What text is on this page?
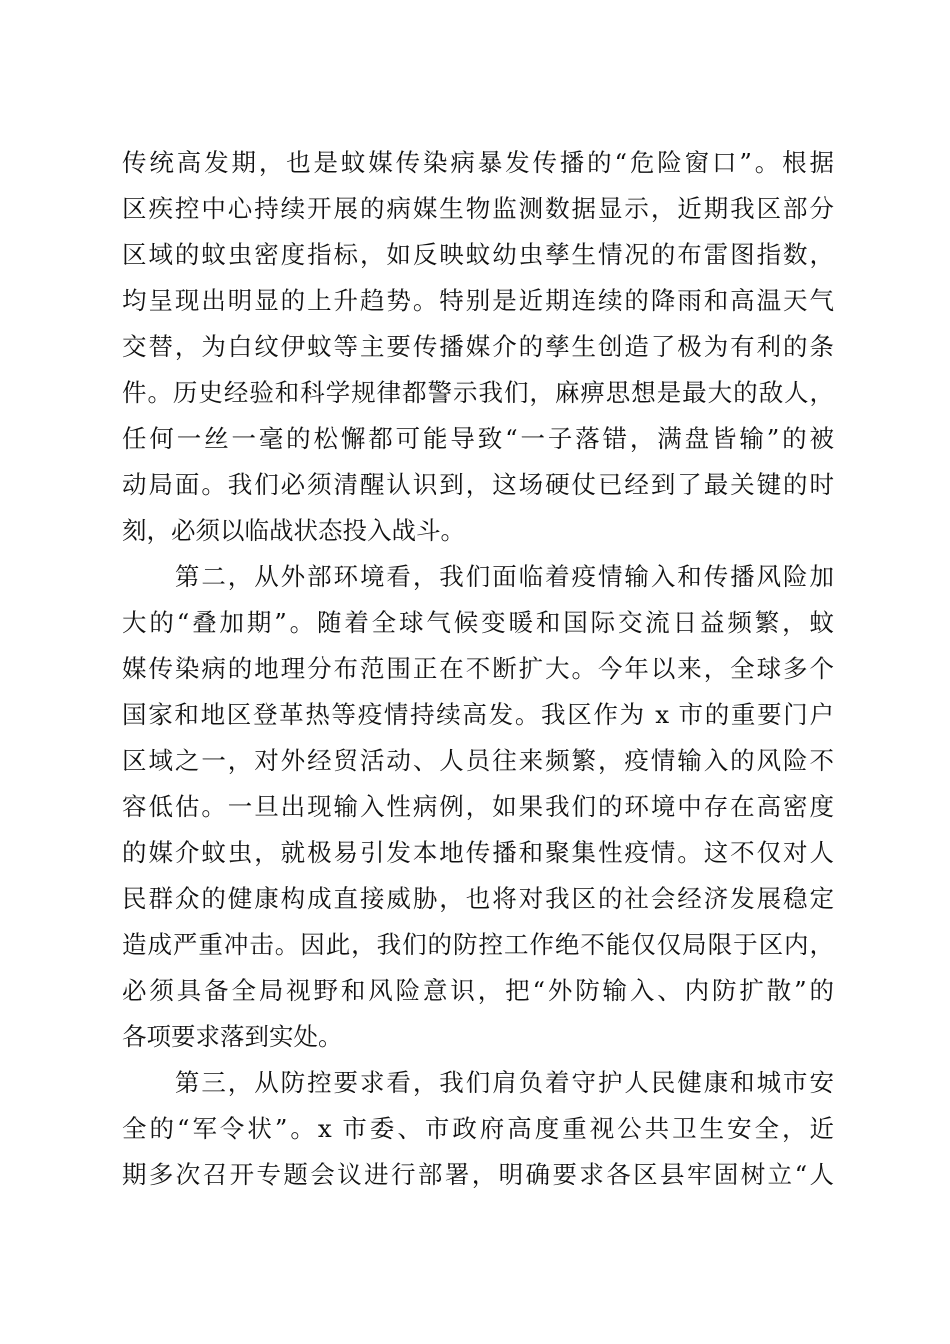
传统高发期，也是蚊媒传染病暴发传播的“危险窗口”。根据
区疾控中心持续开展的病媒生物监测数据显示，近期我区部分
区域的蚊虫密度指标，如反映蚊幼虫孳生情况的布雷图指数，
均呈现出明显的上升趋势。特别是近期连续的降雨和高温天气
交替，为白纹伊蚊等主要传播媒介的孳生创造了极为有利的条
件。历史经验和科学规律都警示我们，麻痹思想是最大的敌人，
任何一丝一毫的松懈都可能导致“一子落错，满盘皆输”的被
动局面。我们必须清醒认识到，这场硬仗已经到了最关键的时
刻，必须以临战状态投入战斗。
　　第二，从外部环境看，我们面临着疫情输入和传播风险加
大的“叠加期”。随着全球气候变暖和国际交流日益频繁，蚊
媒传染病的地理分布范围正在不断扩大。今年以来，全球多个
国家和地区登革热等疫情持续高发。我区作为 x 市的重要门户
区域之一，对外经贸活动、人员往来频繁，疫情输入的风险不
容低估。一旦出现输入性病例，如果我们的环境中存在高密度
的媒介蚊虫，就极易引发本地传播和聚集性疫情。这不仅对人
民群众的健康构成直接威胁，也将对我区的社会经济发展稳定
造成严重冲击。因此，我们的防控工作绝不能仅仅局限于区内，
必须具备全局视野和风险意识，把“外防输入、内防扩散”的
各项要求落到实处。
　　第三，从防控要求看，我们肩负着守护人民健康和城市安
全的“军令状”。x 市委、市政府高度重视公共卫生安全，近
期多次召开专题会议进行部署，明确要求各区县牢固树立“人
